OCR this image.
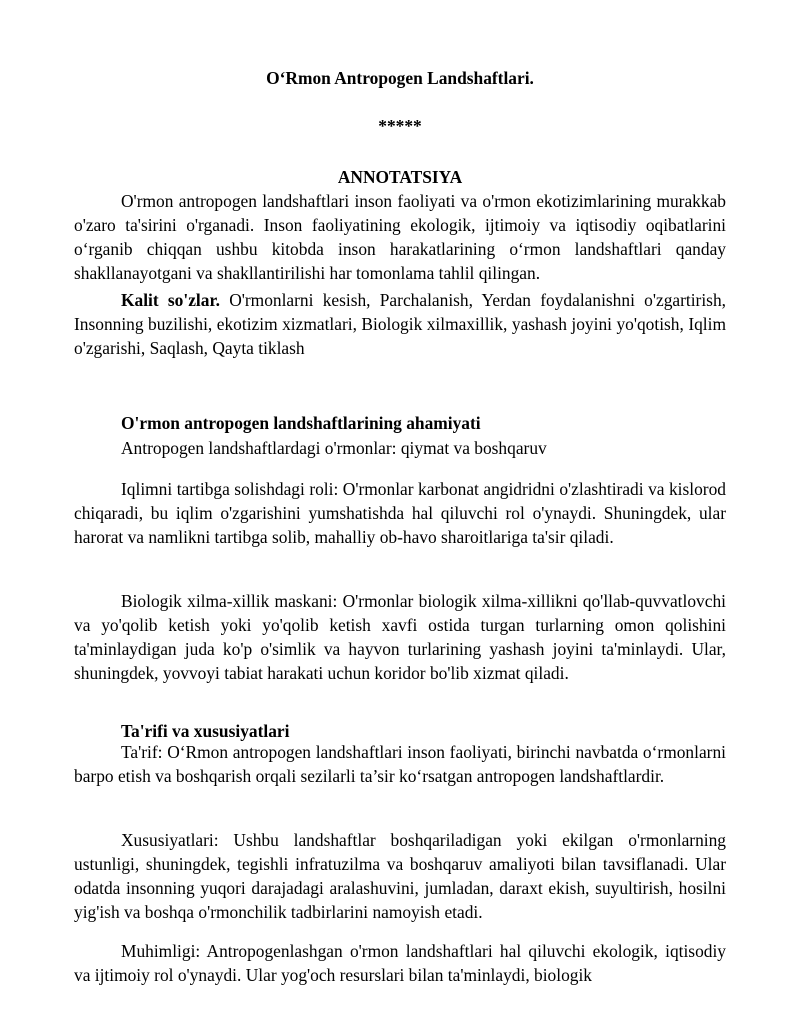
O‘Rmon Antropogen Landshaftlari.
*****
ANNOTATSIYA
O'rmon antropogen landshaftlari inson faoliyati va o'rmon ekotizimlarining murakkab o'zaro ta'sirini o'rganadi. Inson faoliyatining ekologik, ijtimoiy va iqtisodiy oqibatlarini o‘rganib chiqqan ushbu kitobda inson harakatlarining o‘rmon landshaftlari qanday shakllanayotgani va shakllantirilishi har tomonlama tahlil qilingan.
Kalit so'zlar. O'rmonlarni kesish, Parchalanish, Yerdan foydalanishni o'zgartirish, Insonning buzilishi, ekotizim xizmatlari, Biologik xilmaxillik, yashash joyini yo'qotish, Iqlim o'zgarishi, Saqlash, Qayta tiklash
O'rmon antropogen landshaftlarining ahamiyati
Antropogen landshaftlardagi o'rmonlar: qiymat va boshqaruv
Iqlimni tartibga solishdagi roli: O'rmonlar karbonat angidridni o'zlashtiradi va kislorod chiqaradi, bu iqlim o'zgarishini yumshatishda hal qiluvchi rol o'ynaydi. Shuningdek, ular harorat va namlikni tartibga solib, mahalliy ob-havo sharoitlariga ta'sir qiladi.
Biologik xilma-xillik maskani: O'rmonlar biologik xilma-xillikni qo'llab-quvvatlovchi va yo'qolib ketish yoki yo'qolib ketish xavfi ostida turgan turlarning omon qolishini ta'minlaydigan juda ko'p o'simlik va hayvon turlarining yashash joyini ta'minlaydi. Ular, shuningdek, yovvoyi tabiat harakati uchun koridor bo'lib xizmat qiladi.
Ta'rifi va xususiyatlari
Ta'rif: O‘Rmon antropogen landshaftlari inson faoliyati, birinchi navbatda o‘rmonlarni barpo etish va boshqarish orqali sezilarli ta’sir ko‘rsatgan antropogen landshaftlardir.
Xususiyatlari: Ushbu landshaftlar boshqariladigan yoki ekilgan o'rmonlarning ustunligi, shuningdek, tegishli infratuzilma va boshqaruv amaliyoti bilan tavsiflanadi. Ular odatda insonning yuqori darajadagi aralashuvini, jumladan, daraxt ekish, suyultirish, hosilni yig'ish va boshqa o'rmonchilik tadbirlarini namoyish etadi.
Muhimligi: Antropogenlashgan o'rmon landshaftlari hal qiluvchi ekologik, iqtisodiy va ijtimoiy rol o'ynaydi. Ular yog'och resurslari bilan ta'minlaydi, biologik
